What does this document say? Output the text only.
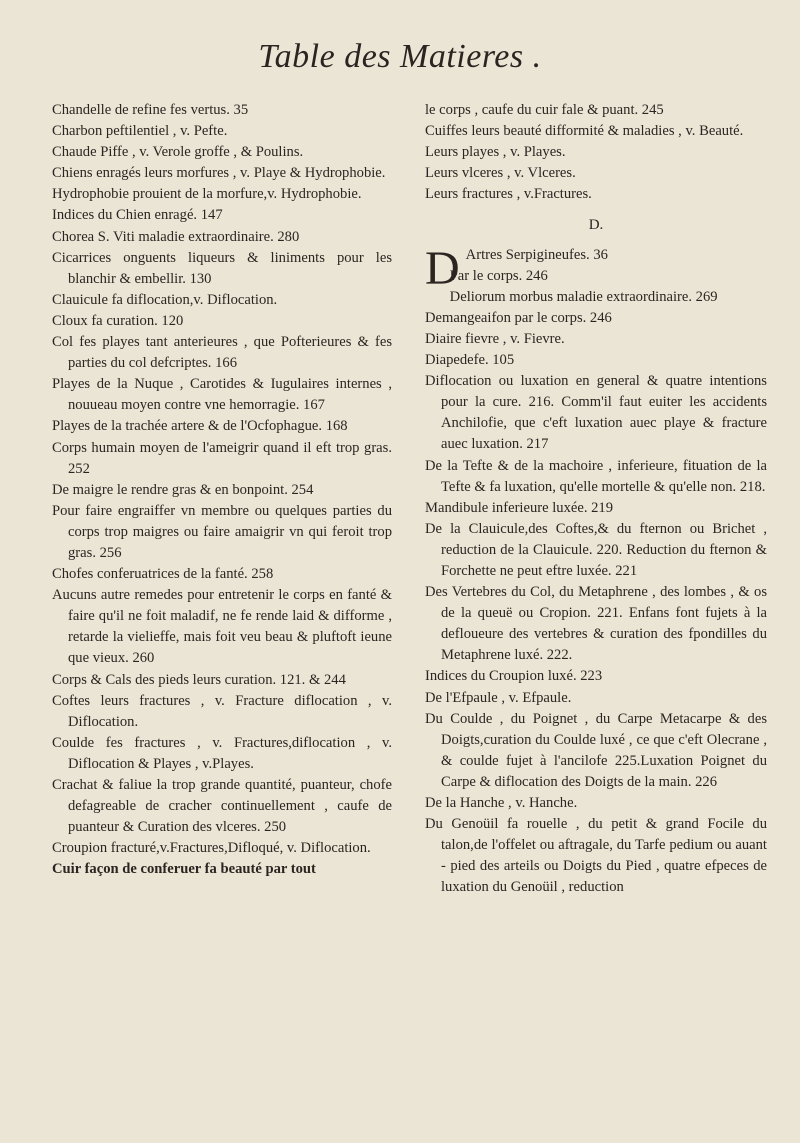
Table des Matieres .

Chandelle de refine fes vertus. 35

Charbon peftilentiel , v. Pefte.

Chaude Piffe , v. Verole groffe , & Poulins.

Chiens enragés leurs morfures , v. Playe & Hydrophobie.

Hydrophobie prouient de la morfure,v. Hydrophobie.

Indices du Chien enragé. 147

Chorea S. Viti maladie extraordinaire. 280

Cicarrices onguents liqueurs & liniments pour les blanchir & embellir. 130

Clauicule fa diflocation,v. Diflocation.

Cloux fa curation. 120

Col fes playes tant anterieures , que Pofterieures & fes parties du col defcriptes. 166

Playes de la Nuque , Carotides & Iugulaires internes , nouueau moyen contre vne hemorragie. 167

Playes de la trachée artere & de l'Ocfophague. 168

Corps humain moyen de l'ameigrir quand il eft trop gras. 252

De maigre le rendre gras & en bonpoint. 254

Pour faire engraiffer vn membre ou quelques parties du corps trop maigres ou faire amaigrir vn qui feroit trop gras. 256

Chofes conferuatrices de la fanté. 258

Aucuns autre remedes pour entretenir le corps en fanté & faire qu'il ne foit maladif, ne fe rende laid & difforme , retarde la vielieffe, mais foit veu beau & pluftoft ieune que vieux. 260

Corps & Cals des pieds leurs curation. 121. & 244

Coftes leurs fractures , v. Fracture diflocation , v. Diflocation.

Coulde fes fractures , v. Fractures,diflocation , v. Diflocation & Playes , v.Playes.

Crachat & faliue la trop grande quantité, puanteur, chofe defagreable de cracher continuellement , caufe de puanteur & Curation des vlceres. 250

Croupion fracturé,v.Fractures,Difloqué, v. Diflocation.

Cuir façon de conferuer fa beauté par tout

le corps , caufe du cuir fale & puant. 245

Cuiffes leurs beauté difformité & maladies , v. Beauté.

Leurs playes , v. Playes.

Leurs vlceres , v. Vlceres.

Leurs fractures , v.Fractures.

D.

D Artres Serpigineufes. 36

Par le corps. 246

Deliorum morbus maladie extraordinaire. 269

Demangeaifon par le corps. 246

Diaire fievre , v. Fievre.

Diapedefe. 105

Diflocation ou luxation en general & quatre intentions pour la cure. 216. Comm'il faut euiter les accidents Anchilofie, que c'eft luxation auec playe & fracture auec luxation. 217

De la Tefte & de la machoire , inferieure, fituation de la Tefte & fa luxation, qu'elle mortelle & qu'elle non. 218.

Mandibule inferieure luxée. 219

De la Clauicule,des Coftes,& du fternon ou Brichet , reduction de la Clauicule. 220. Reduction du fternon & Forchette ne peut eftre luxée. 221

Des Vertebres du Col, du Metaphrene , des lombes , & os de la queuë ou Cropion. 221. Enfans font fujets à la defloueure des vertebres & curation des fpondilles du Metaphrene luxé. 222.

Indices du Croupion luxé. 223

De l'Efpaule , v. Efpaule.

Du Coulde , du Poignet , du Carpe Metacarpe & des Doigts,curation du Coulde luxé , ce que c'eft Olecrane , & coulde fujet à l'ancilofe 225.Luxation Poignet du Carpe & diflocation des Doigts de la main. 226

De la Hanche , v. Hanche.

Du Genoüil fa rouelle , du petit & grand Focile du talon,de l'offelet ou aftragale, du Tarfe pedium ou auant - pied des arteils ou Doigts du Pied , quatre efpeces de luxation du Genoüil , reduction
